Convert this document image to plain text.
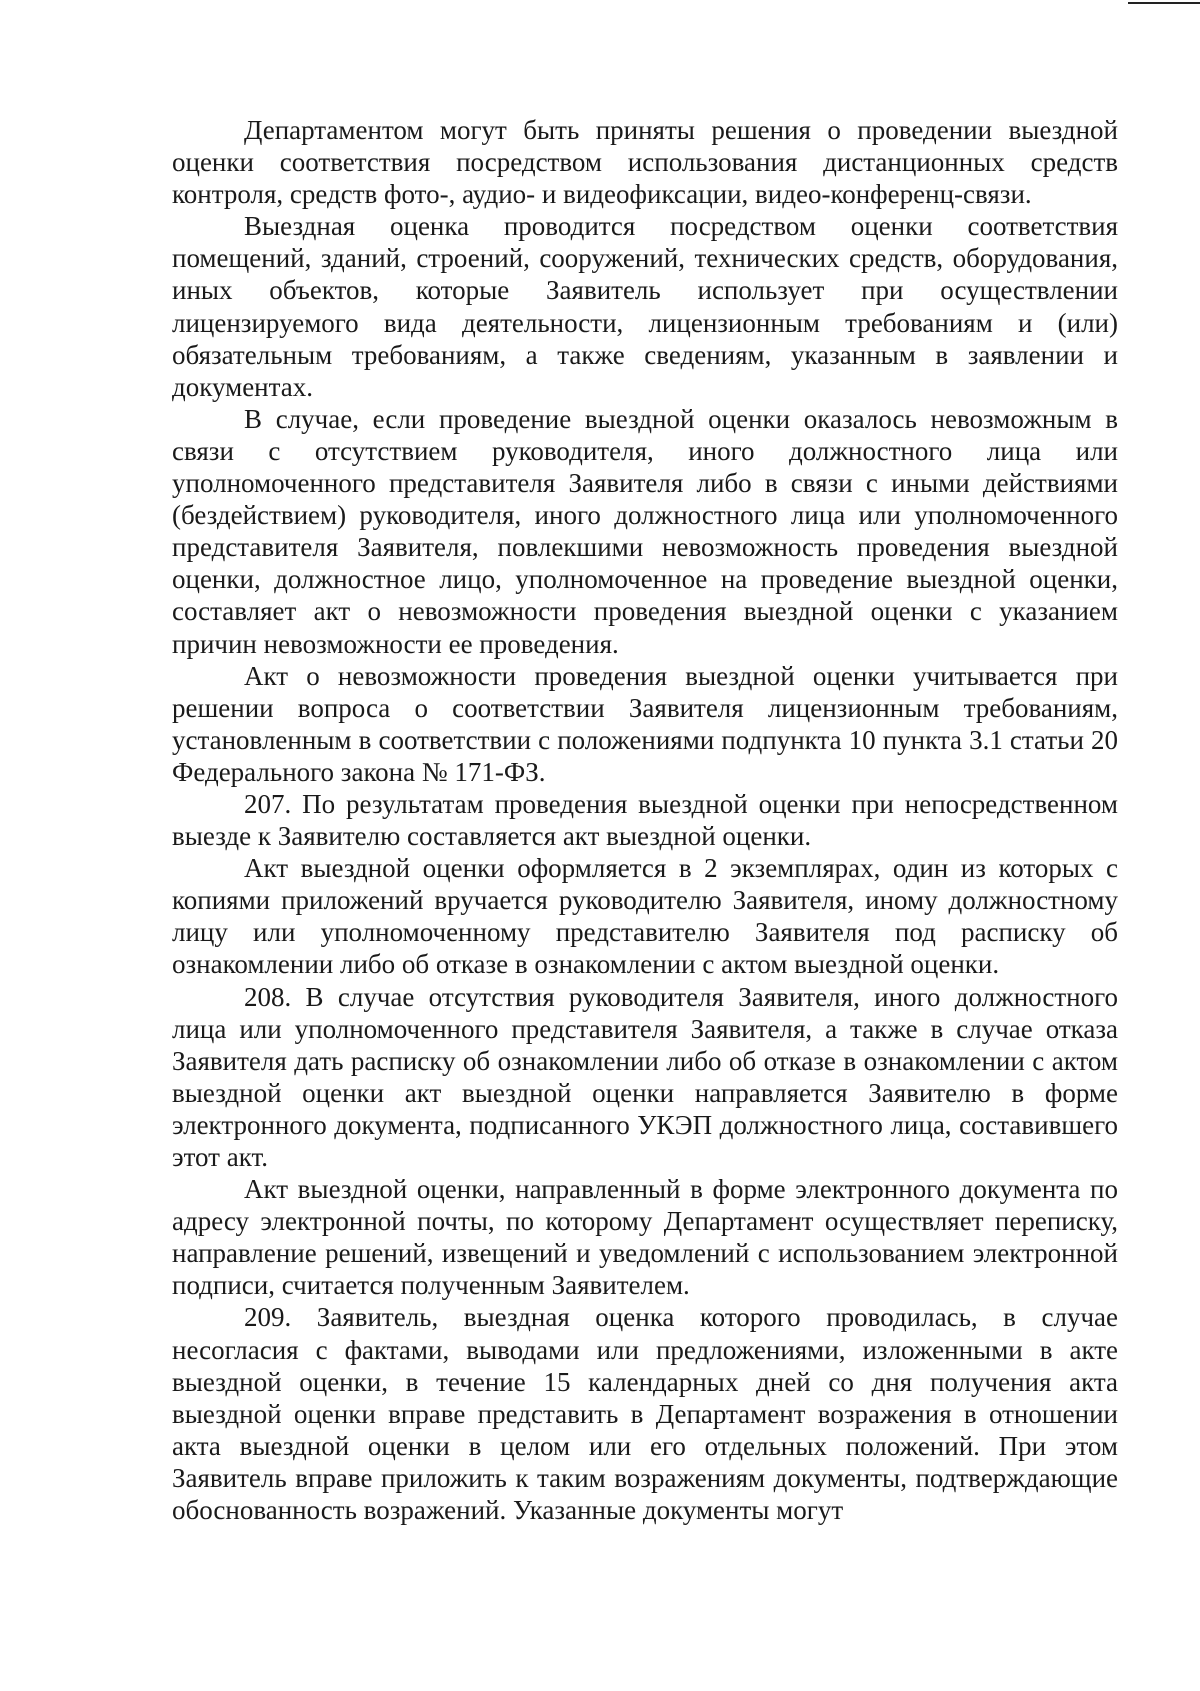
Департаментом могут быть приняты решения о проведении выездной оценки соответствия посредством использования дистанционных средств контроля, средств фото-, аудио- и видеофиксации, видео-конференц-связи.

Выездная оценка проводится посредством оценки соответствия помещений, зданий, строений, сооружений, технических средств, оборудования, иных объектов, которые Заявитель использует при осуществлении лицензируемого вида деятельности, лицензионным требованиям и (или) обязательным требованиям, а также сведениям, указанным в заявлении и документах.

В случае, если проведение выездной оценки оказалось невозможным в связи с отсутствием руководителя, иного должностного лица или уполномоченного представителя Заявителя либо в связи с иными действиями (бездействием) руководителя, иного должностного лица или уполномоченного представителя Заявителя, повлекшими невозможность проведения выездной оценки, должностное лицо, уполномоченное на проведение выездной оценки, составляет акт о невозможности проведения выездной оценки с указанием причин невозможности ее проведения.

Акт о невозможности проведения выездной оценки учитывается при решении вопроса о соответствии Заявителя лицензионным требованиям, установленным в соответствии с положениями подпункта 10 пункта 3.1 статьи 20 Федерального закона № 171-ФЗ.

207. По результатам проведения выездной оценки при непосредственном выезде к Заявителю составляется акт выездной оценки.

Акт выездной оценки оформляется в 2 экземплярах, один из которых с копиями приложений вручается руководителю Заявителя, иному должностному лицу или уполномоченному представителю Заявителя под расписку об ознакомлении либо об отказе в ознакомлении с актом выездной оценки.

208. В случае отсутствия руководителя Заявителя, иного должностного лица или уполномоченного представителя Заявителя, а также в случае отказа Заявителя дать расписку об ознакомлении либо об отказе в ознакомлении с актом выездной оценки акт выездной оценки направляется Заявителю в форме электронного документа, подписанного УКЭП должностного лица, составившего этот акт.

Акт выездной оценки, направленный в форме электронного документа по адресу электронной почты, по которому Департамент осуществляет переписку, направление решений, извещений и уведомлений с использованием электронной подписи, считается полученным Заявителем.

209. Заявитель, выездная оценка которого проводилась, в случае несогласия с фактами, выводами или предложениями, изложенными в акте выездной оценки, в течение 15 календарных дней со дня получения акта выездной оценки вправе представить в Департамент возражения в отношении акта выездной оценки в целом или его отдельных положений. При этом Заявитель вправе приложить к таким возражениям документы, подтверждающие обоснованность возражений. Указанные документы могут
